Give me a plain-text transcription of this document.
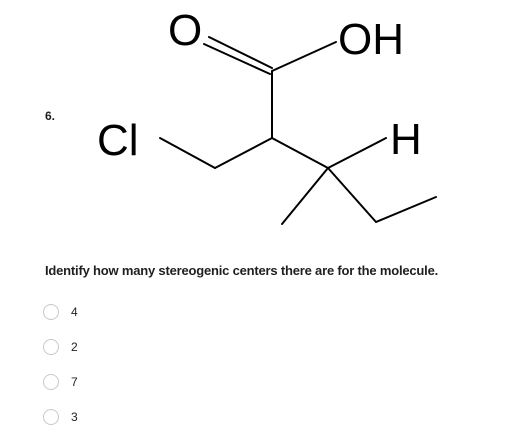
6.
O	OH
Cl	H
Identify how many stereogenic centers there are for the molecule.
4
2
7
3
